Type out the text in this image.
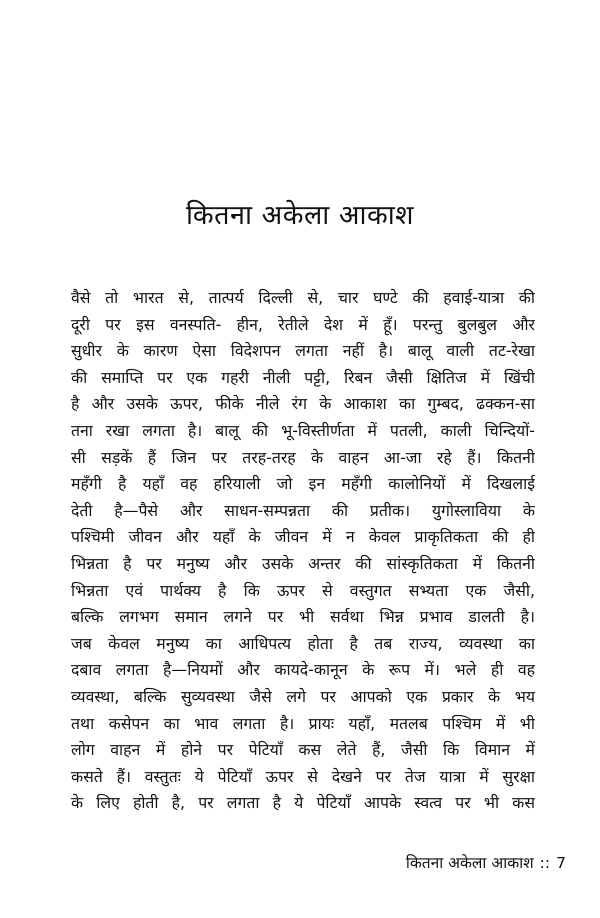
कितना अकेला आकाश
वैसे तो भारत से, तात्पर्य दिल्ली से, चार घण्टे की हवाई-यात्रा की
दूरी पर इस वनस्पति- हीन, रेतीले देश में हूँ। परन्तु बुलबुल और
सुधीर के कारण ऐसा विदेशपन लगता नहीं है। बालू वाली तट-रेखा
की समाप्ति पर एक गहरी नीली पट्टी, रिबन जैसी क्षितिज में खिंची
है और उसके ऊपर, फीके नीले रंग के आकाश का गुम्बद, ढक्कन-सा
तना रखा लगता है। बालू की भू-विस्तीर्णता में पतली, काली चिन्दियों-
सी सड़कें हैं जिन पर तरह-तरह के वाहन आ-जा रहे हैं। कितनी
महँगी है यहाँ वह हरियाली जो इन महँगी कालोनियों में दिखलाई
देती है—पैसे और साधन-सम्पन्नता की प्रतीक। युगोस्लाविया के
पश्चिमी जीवन और यहाँ के जीवन में न केवल प्राकृतिकता की ही
भिन्नता है पर मनुष्य और उसके अन्तर की सांस्कृतिकता में कितनी
भिन्नता एवं पार्थक्य है कि ऊपर से वस्तुगत सभ्यता एक जैसी,
बल्कि लगभग समान लगने पर भी सर्वथा भिन्न प्रभाव डालती है।
जब केवल मनुष्य का आधिपत्य होता है तब राज्य, व्यवस्था का
दबाव लगता है—नियमों और कायदे-कानून के रूप में। भले ही वह
व्यवस्था, बल्कि सुव्यवस्था जैसे लगे पर आपको एक प्रकार के भय
तथा कसेपन का भाव लगता है। प्रायः यहाँ, मतलब पश्चिम में भी
लोग वाहन में होने पर पेटियाँ कस लेते हैं, जैसी कि विमान में
कसते हैं। वस्तुतः ये पेटियाँ ऊपर से देखने पर तेज यात्रा में सुरक्षा
के लिए होती है, पर लगता है ये पेटियाँ आपके स्वत्व पर भी कस
कितना अकेला आकाश :: 7
